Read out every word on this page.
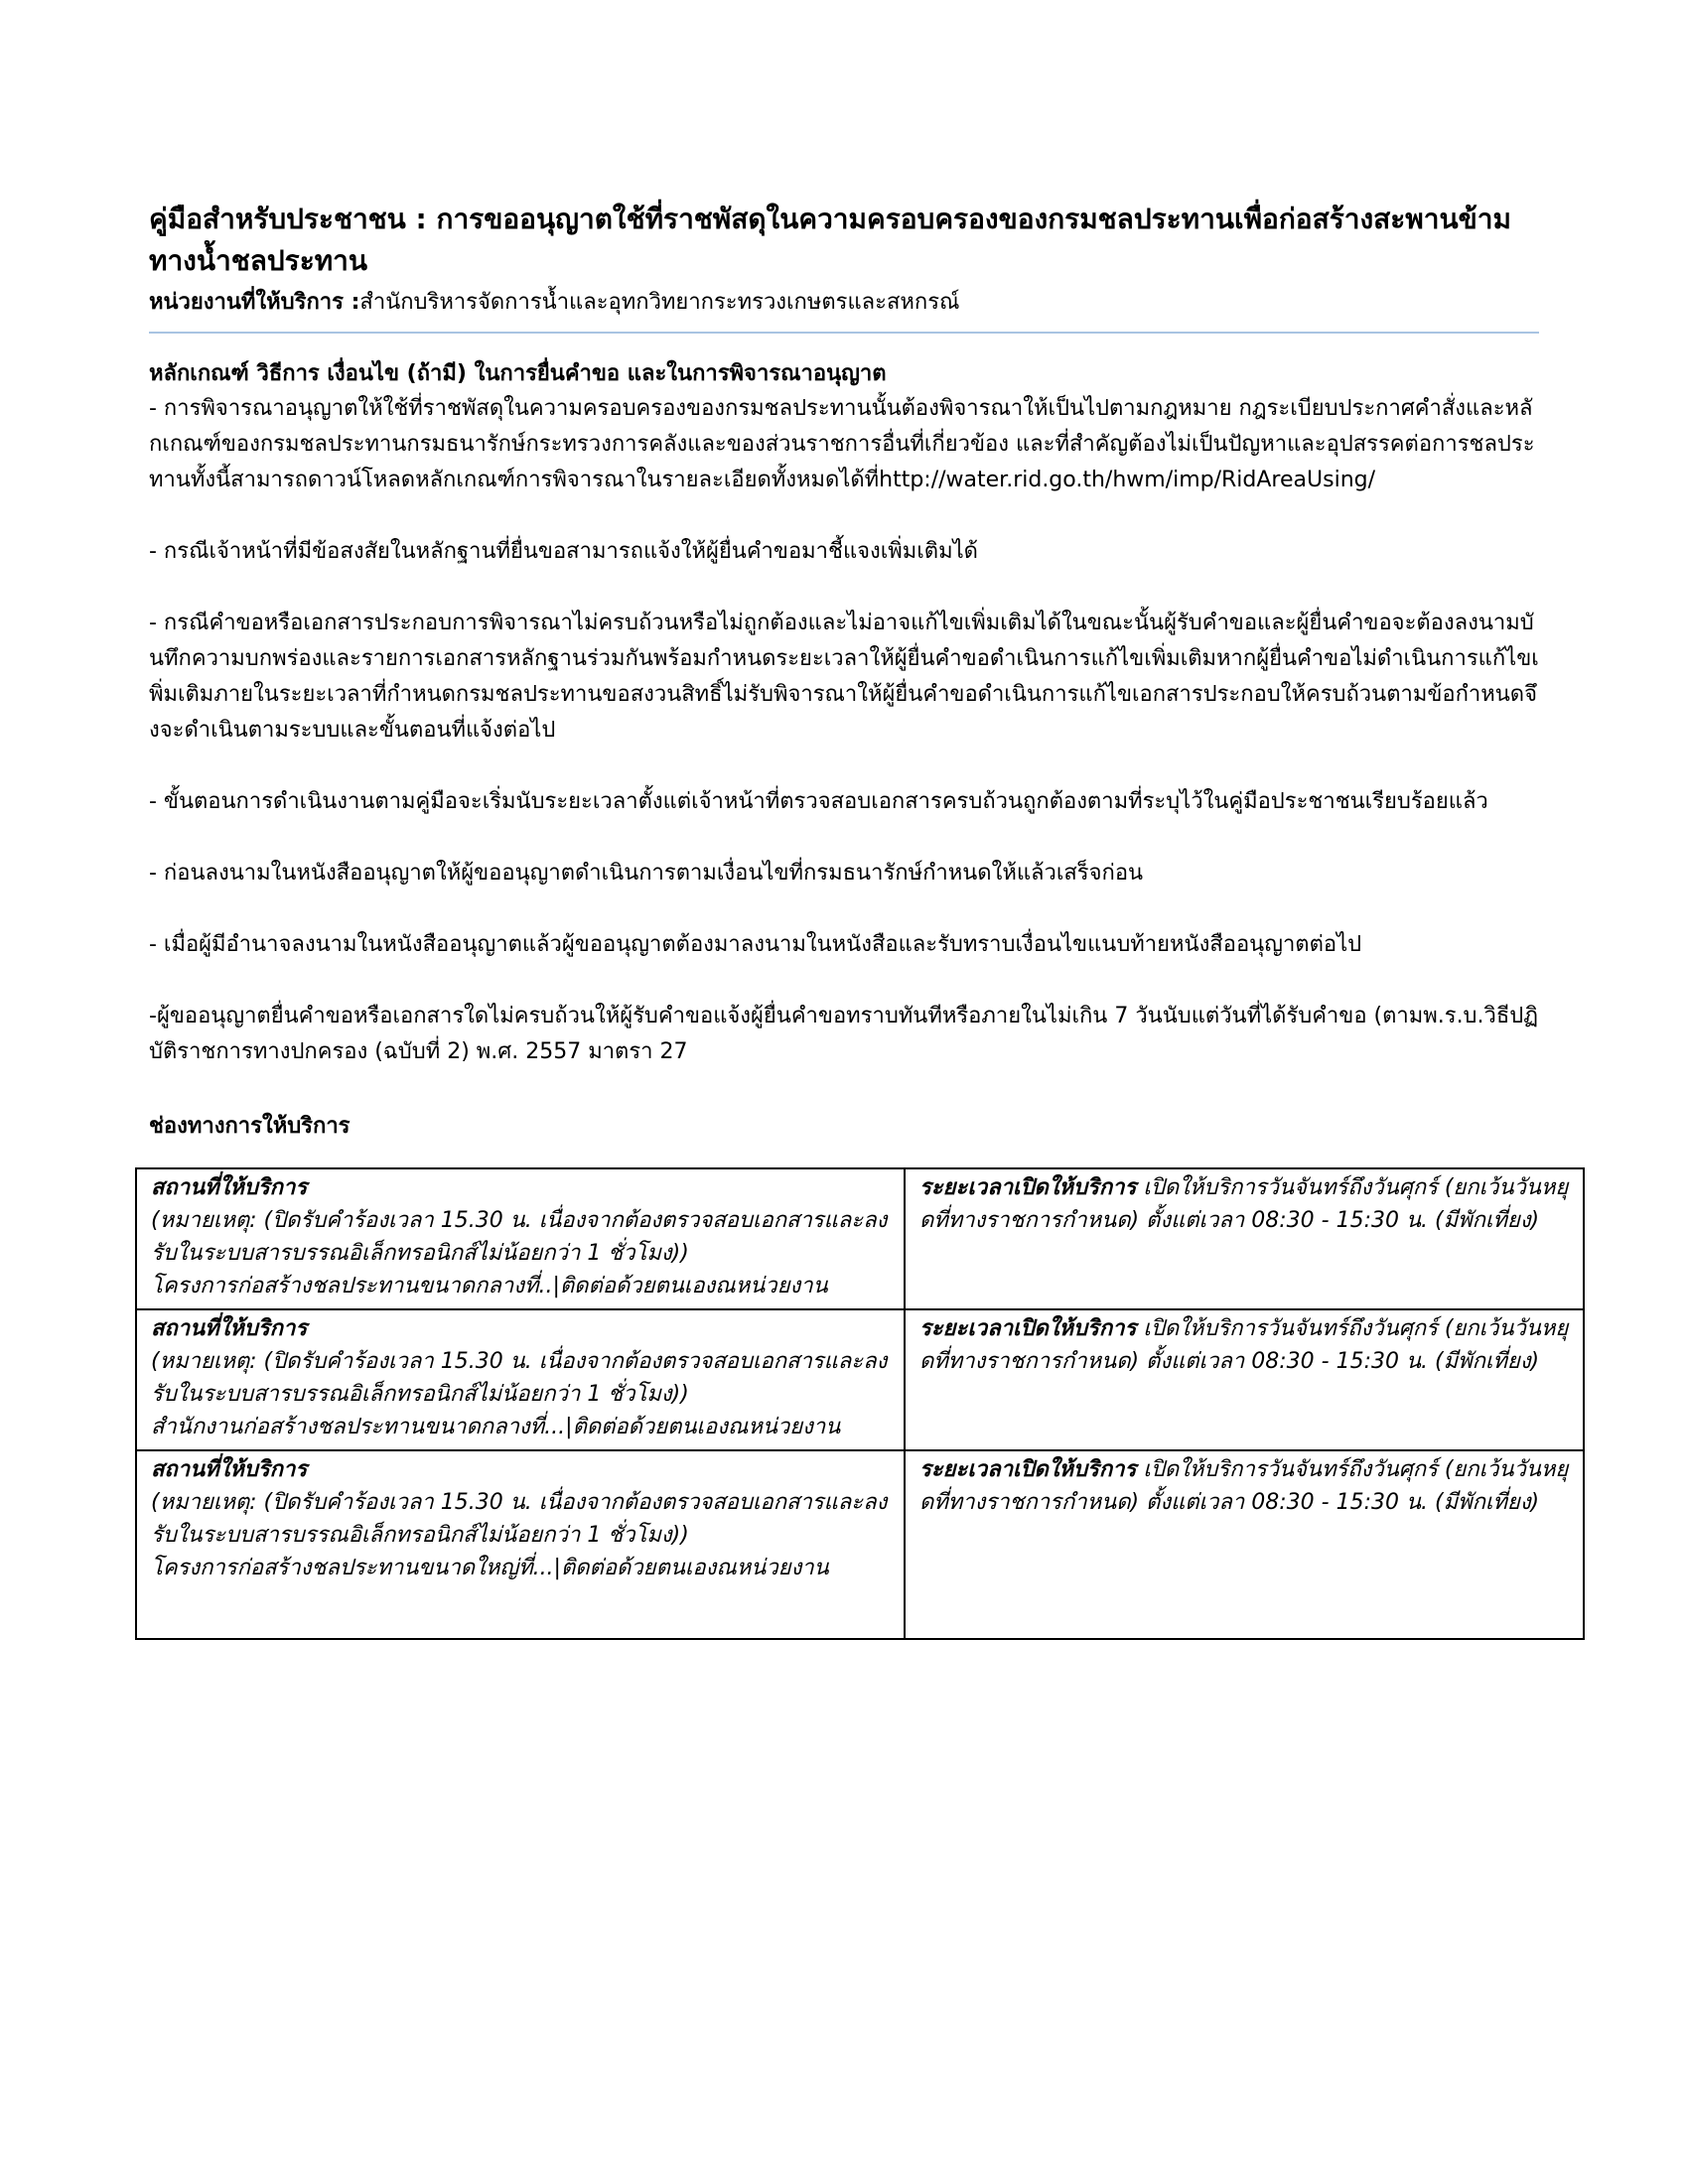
คู่มือสำหรับประชาชน : การขออนุญาตใช้ที่ราชพัสดุในความครอบครองของกรมชลประทานเพื่อก่อสร้างสะพานข้ามทางน้ำชลประทาน

หน่วยงานที่ให้บริการ :สำนักบริหารจัดการน้ำและอุทกวิทยากระทรวงเกษตรและสหกรณ์

หลักเกณฑ์ วิธีการ เงื่อนไข (ถ้ามี) ในการยื่นคำขอ และในการพิจารณาอนุญาต

- การพิจารณาอนุญาตให้ใช้ที่ราชพัสดุในความครอบครองของกรมชลประทานนั้นต้องพิจารณาให้เป็นไปตามกฎหมาย กฎระเบียบประกาศคำสั่งและหลักเกณฑ์ของกรมชลประทานกรมธนารักษ์กระทรวงการคลังและของส่วนราชการอื่นที่เกี่ยวข้อง และที่สำคัญต้องไม่เป็นปัญหาและอุปสรรคต่อการชลประทานทั้งนี้สามารถดาวน์โหลดหลักเกณฑ์การพิจารณาในรายละเอียดทั้งหมดได้ที่http://water.rid.go.th/hwm/imp/RidAreaUsing/

- กรณีเจ้าหน้าที่มีข้อสงสัยในหลักฐานที่ยื่นขอสามารถแจ้งให้ผู้ยื่นคำขอมาชี้แจงเพิ่มเติมได้

- กรณีคำขอหรือเอกสารประกอบการพิจารณาไม่ครบถ้วนหรือไม่ถูกต้องและไม่อาจแก้ไขเพิ่มเติมได้ในขณะนั้นผู้รับคำขอและผู้ยื่นคำขอจะต้องลงนามบันทึกความบกพร่องและรายการเอกสารหลักฐานร่วมกันพร้อมกำหนดระยะเวลาให้ผู้ยื่นคำขอดำเนินการแก้ไขเพิ่มเติมหากผู้ยื่นคำขอไม่ดำเนินการแก้ไขเพิ่มเติมภายในระยะเวลาที่กำหนดกรมชลประทานขอสงวนสิทธิ์ไม่รับพิจารณาให้ผู้ยื่นคำขอดำเนินการแก้ไขเอกสารประกอบให้ครบถ้วนตามข้อกำหนดจึงจะดำเนินตามระบบและขั้นตอนที่แจ้งต่อไป

- ขั้นตอนการดำเนินงานตามคู่มือจะเริ่มนับระยะเวลาตั้งแต่เจ้าหน้าที่ตรวจสอบเอกสารครบถ้วนถูกต้องตามที่ระบุไว้ในคู่มือประชาชนเรียบร้อยแล้ว

- ก่อนลงนามในหนังสืออนุญาตให้ผู้ขออนุญาตดำเนินการตามเงื่อนไขที่กรมธนารักษ์กำหนดให้แล้วเสร็จก่อน

- เมื่อผู้มีอำนาจลงนามในหนังสืออนุญาตแล้วผู้ขออนุญาตต้องมาลงนามในหนังสือและรับทราบเงื่อนไขแนบท้ายหนังสืออนุญาตต่อไป

-ผู้ขออนุญาตยื่นคำขอหรือเอกสารใดไม่ครบถ้วนให้ผู้รับคำขอแจ้งผู้ยื่นคำขอทราบทันทีหรือภายในไม่เกิน 7 วันนับแต่วันที่ได้รับคำขอ (ตามพ.ร.บ.วิธีปฏิบัติราชการทางปกครอง (ฉบับที่ 2) พ.ศ. 2557 มาตรา 27

ช่องทางการให้บริการ
สถานที่ให้บริการ
(หมายเหตุ: (ปิดรับคำร้องเวลา 15.30 น. เนื่องจากต้องตรวจสอบเอกสารและลงรับในระบบสารบรรณอิเล็กทรอนิกส์ไม่น้อยกว่า 1 ชั่วโมง))
โครงการก่อสร้างชลประทานขนาดกลางที่..|ติดต่อด้วยตนเองณหน่วยงาน	ระยะเวลาเปิดให้บริการ เปิดให้บริการวันจันทร์ถึงวันศุกร์ (ยกเว้นวันหยุดที่ทางราชการกำหนด) ตั้งแต่เวลา 08:30 - 15:30 น. (มีพักเที่ยง)

สถานที่ให้บริการ
(หมายเหตุ: (ปิดรับคำร้องเวลา 15.30 น. เนื่องจากต้องตรวจสอบเอกสารและลงรับในระบบสารบรรณอิเล็กทรอนิกส์ไม่น้อยกว่า 1 ชั่วโมง))
สำนักงานก่อสร้างชลประทานขนาดกลางที่...|ติดต่อด้วยตนเองณหน่วยงาน	ระยะเวลาเปิดให้บริการ เปิดให้บริการวันจันทร์ถึงวันศุกร์ (ยกเว้นวันหยุดที่ทางราชการกำหนด) ตั้งแต่เวลา 08:30 - 15:30 น. (มีพักเที่ยง)

สถานที่ให้บริการ
(หมายเหตุ: (ปิดรับคำร้องเวลา 15.30 น. เนื่องจากต้องตรวจสอบเอกสารและลงรับในระบบสารบรรณอิเล็กทรอนิกส์ไม่น้อยกว่า 1 ชั่วโมง))
โครงการก่อสร้างชลประทานขนาดใหญ่ที่...|ติดต่อด้วยตนเองณหน่วยงาน	ระยะเวลาเปิดให้บริการ เปิดให้บริการวันจันทร์ถึงวันศุกร์ (ยกเว้นวันหยุดที่ทางราชการกำหนด) ตั้งแต่เวลา 08:30 - 15:30 น. (มีพักเที่ยง)
